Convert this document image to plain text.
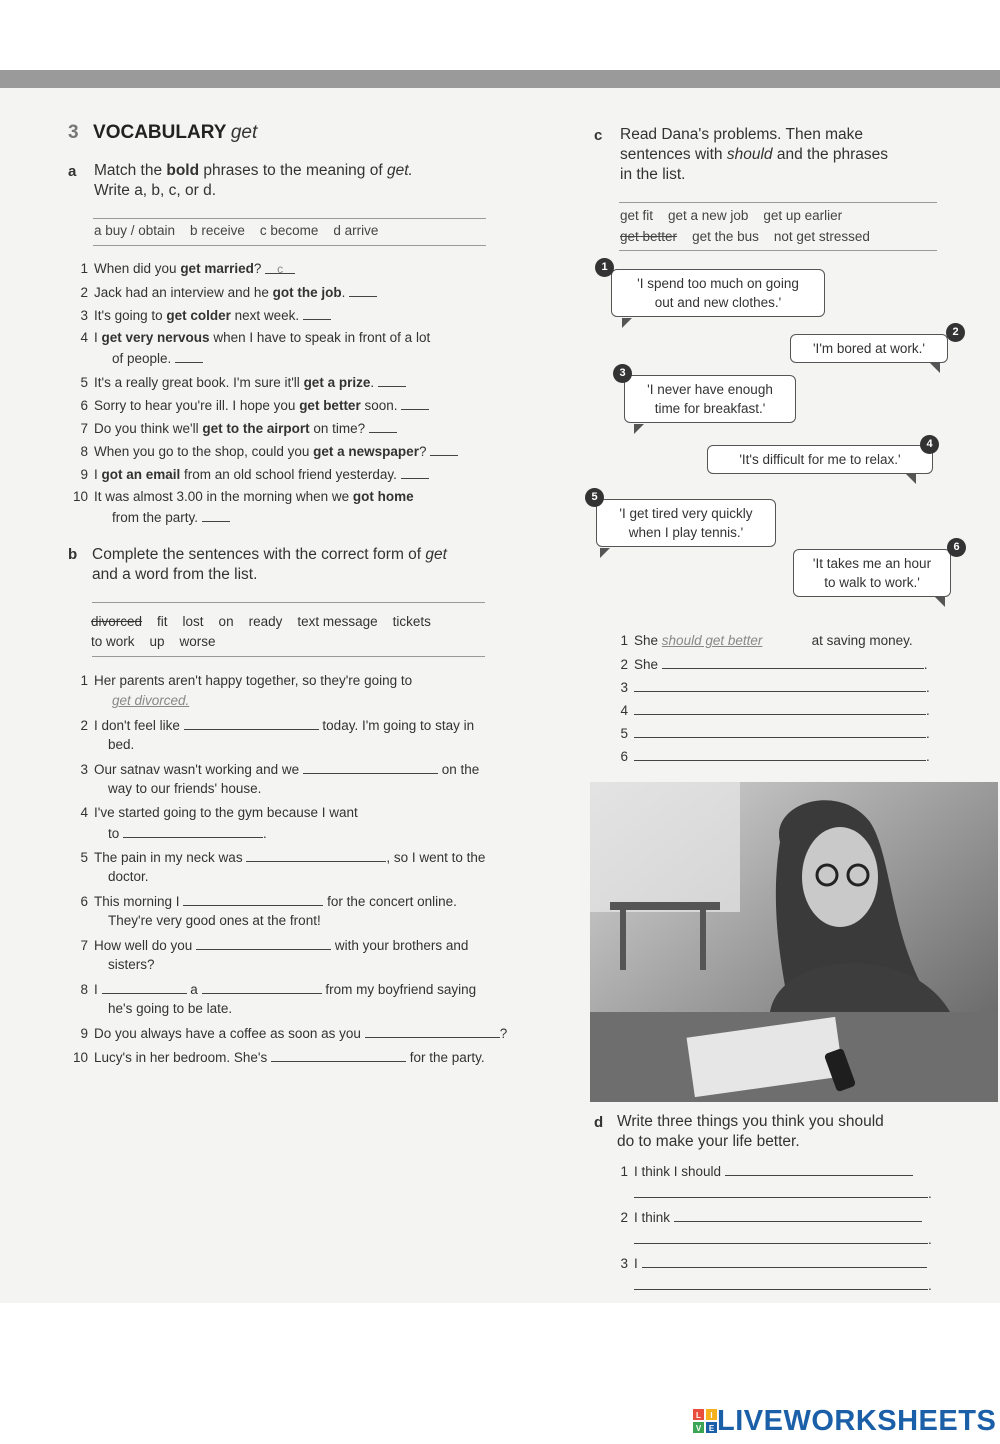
3 VOCABULARY get
a Match the bold phrases to the meaning of get.
Write a, b, c, or d.
a buy / obtain    b receive    c become    d arrive
1 When did you get married? c
2 Jack had an interview and he got the job.
3 It's going to get colder next week.
4 I get very nervous when I have to speak in front of a lot
of people.
5 It's a really great book. I'm sure it'll get a prize.
6 Sorry to hear you're ill. I hope you get better soon.
7 Do you think we'll get to the airport on time?
8 When you go to the shop, could you get a newspaper?
9 I got an email from an old school friend yesterday.
10 It was almost 3.00 in the morning when we got home
from the party.
b Complete the sentences with the correct form of get
and a word from the list.
divorced fit    lost    on    ready    text message    tickets
to work    up    worse
1 Her parents aren't happy together, so they're going to
get divorced.
2 I don't feel like	today. I'm going to stay in
bed.
3 Our satnav wasn't working and we	on the
way to our friends' house.
4 I've started going to the gym because I want
to	.
5 The pain in my neck was	, so I went to the
doctor.
6 This morning I	for the concert online.
They're very good ones at the front!
7 How well do you	with your brothers and
sisters?
8 I	a	from my boyfriend saying
he's going to be late.
9 Do you always have a coffee as soon as you	?
10 Lucy's in her bedroom. She's	for the party.
c Read Dana's problems. Then make
sentences with should and the phrases
in the list.
get fit    get a new job    get up earlier
get better get the bus    not get stressed
'I spend too much on going
out and new clothes.'
1
'I'm bored at work.'
2
'I never have enough
time for breakfast.'
3
'It's difficult for me to relax.'
4
'I get tired very quickly
when I play tennis.'
5
'It takes me an hour
to walk to work.'
6
1 She should get better	at saving money.
2 She	.
3	.
4	.
5	.
6	.
d Write three things you think you should
do to make your life better.
1 I think I should
.
2 I think
.
3 I
.
L I
V E LIVEWORKSHEETS
